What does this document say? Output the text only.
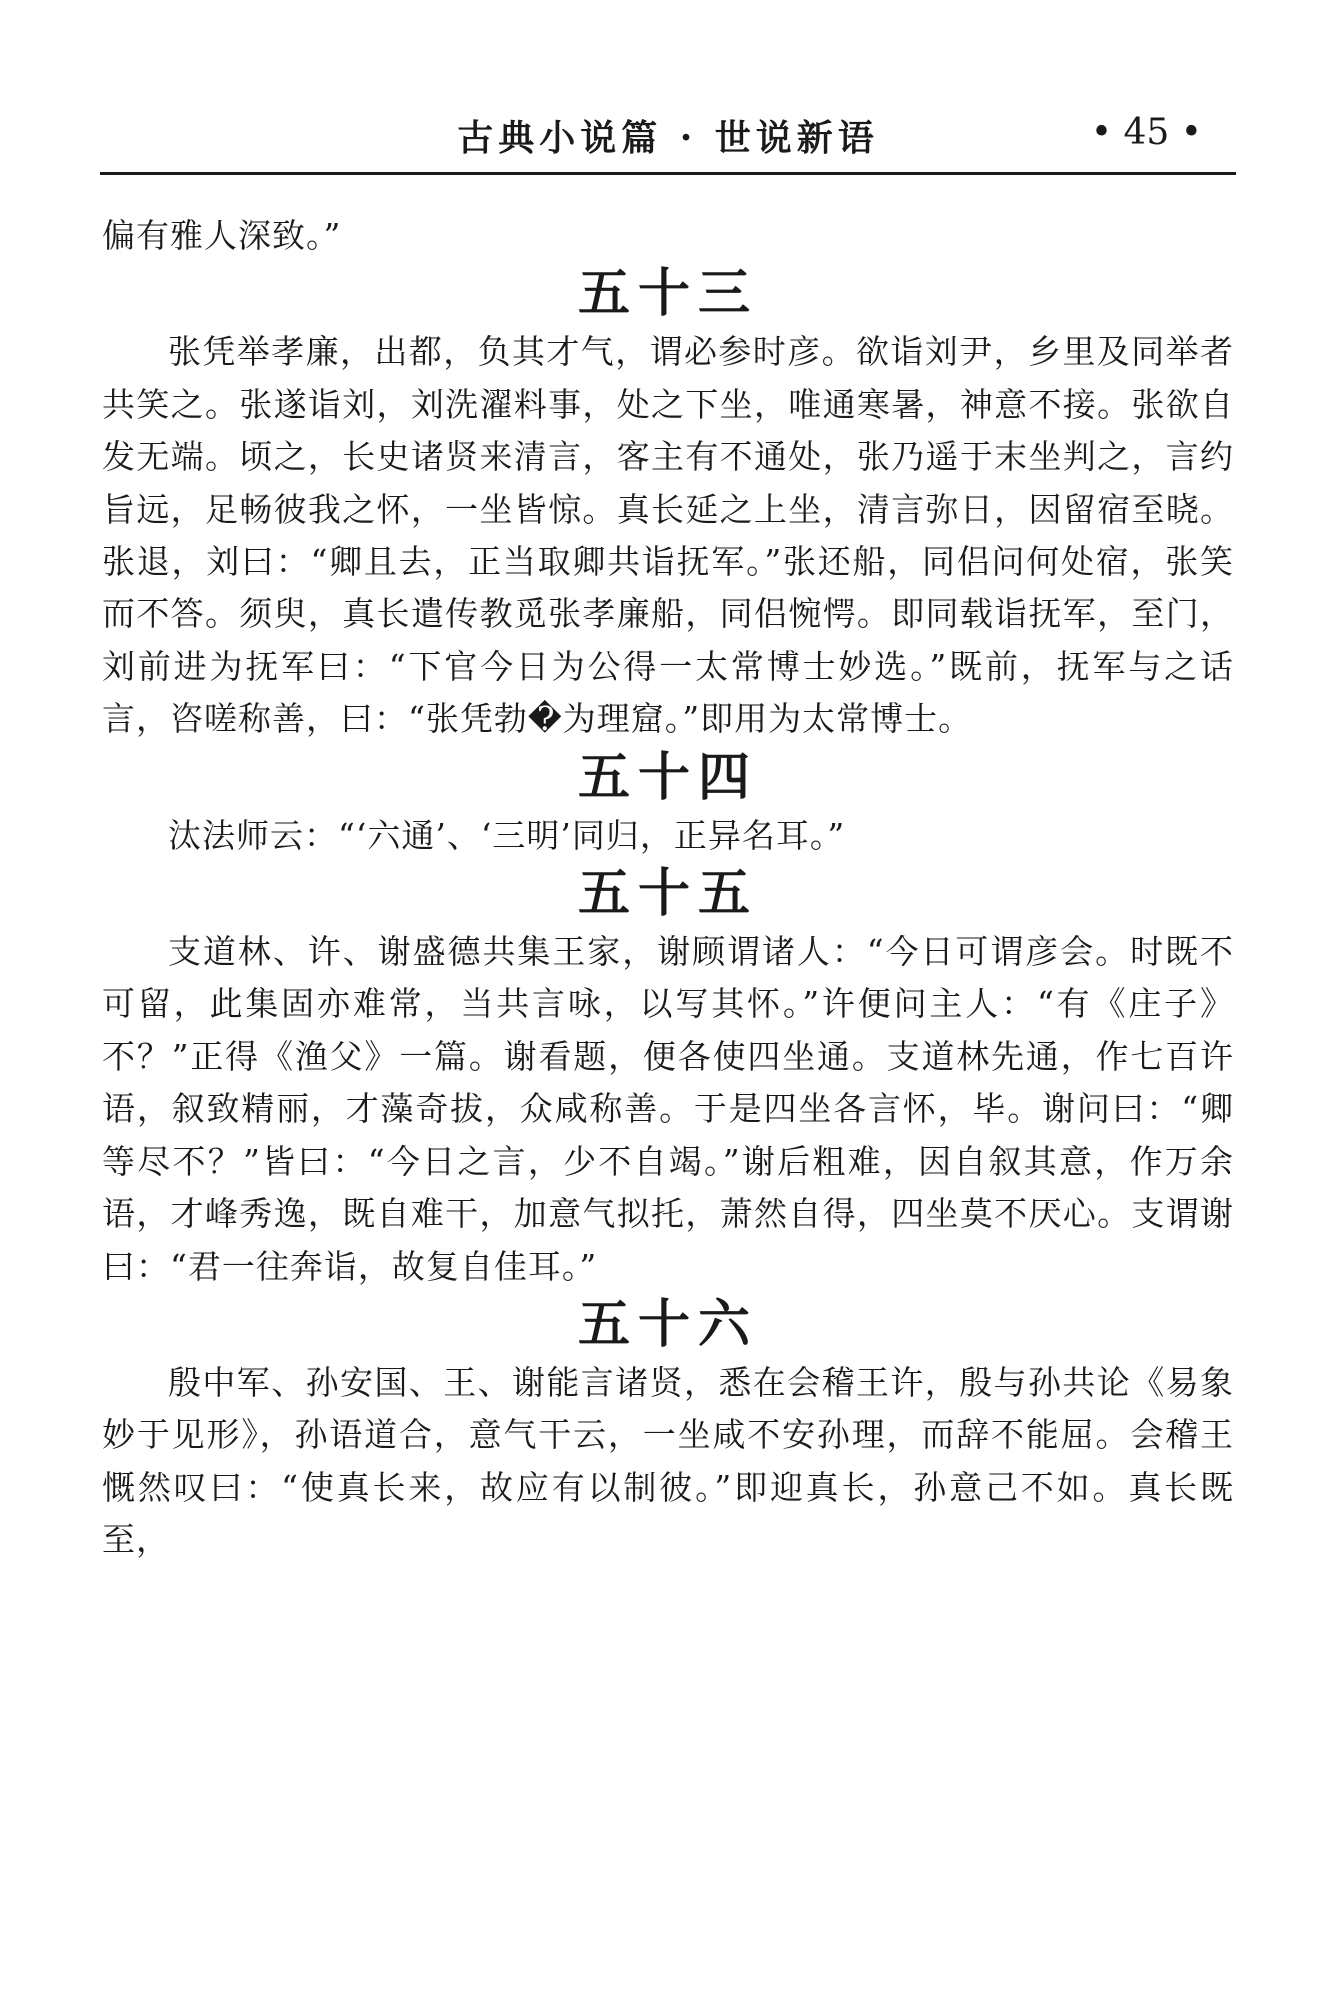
古典小说篇 · 世说新语	• 45 •

偏有雅人深致。”

五十三

张凭举孝廉，出都，负其才气，谓必参时彦。欲诣刘尹，乡里及同举者共笑之。张遂诣刘，刘洗濯料事，处之下坐，唯通寒暑，神意不接。张欲自发无端。顷之，长史诸贤来清言，客主有不通处，张乃遥于末坐判之，言约旨远，足畅彼我之怀，一坐皆惊。真长延之上坐，清言弥日，因留宿至晓。张退，刘曰：“卿且去，正当取卿共诣抚军。”张还船，同侣问何处宿，张笑而不答。须臾，真长遣传教觅张孝廉船，同侣惋愕。即同载诣抚军，至门，刘前进为抚军曰：“下官今日为公得一太常博士妙选。”既前，抚军与之话言，咨嗟称善，曰：“张凭勃�为理窟。”即用为太常博士。

五十四

汰法师云：“‘六通’、‘三明’同归，正异名耳。”

五十五

支道林、许、谢盛德共集王家，谢顾谓诸人：“今日可谓彦会。时既不可留，此集固亦难常，当共言咏，以写其怀。”许便问主人：“有《庄子》不？”正得《渔父》一篇。谢看题，便各使四坐通。支道林先通，作七百许语，叙致精丽，才藻奇拔，众咸称善。于是四坐各言怀，毕。谢问曰：“卿等尽不？”皆曰：“今日之言，少不自竭。”谢后粗难，因自叙其意，作万余语，才峰秀逸，既自难干，加意气拟托，萧然自得，四坐莫不厌心。支谓谢曰：“君一往奔诣，故复自佳耳。”

五十六

殷中军、孙安国、王、谢能言诸贤，悉在会稽王许，殷与孙共论《易象妙于见形》，孙语道合，意气干云，一坐咸不安孙理，而辞不能屈。会稽王慨然叹曰：“使真长来，故应有以制彼。”即迎真长，孙意己不如。真长既至，
